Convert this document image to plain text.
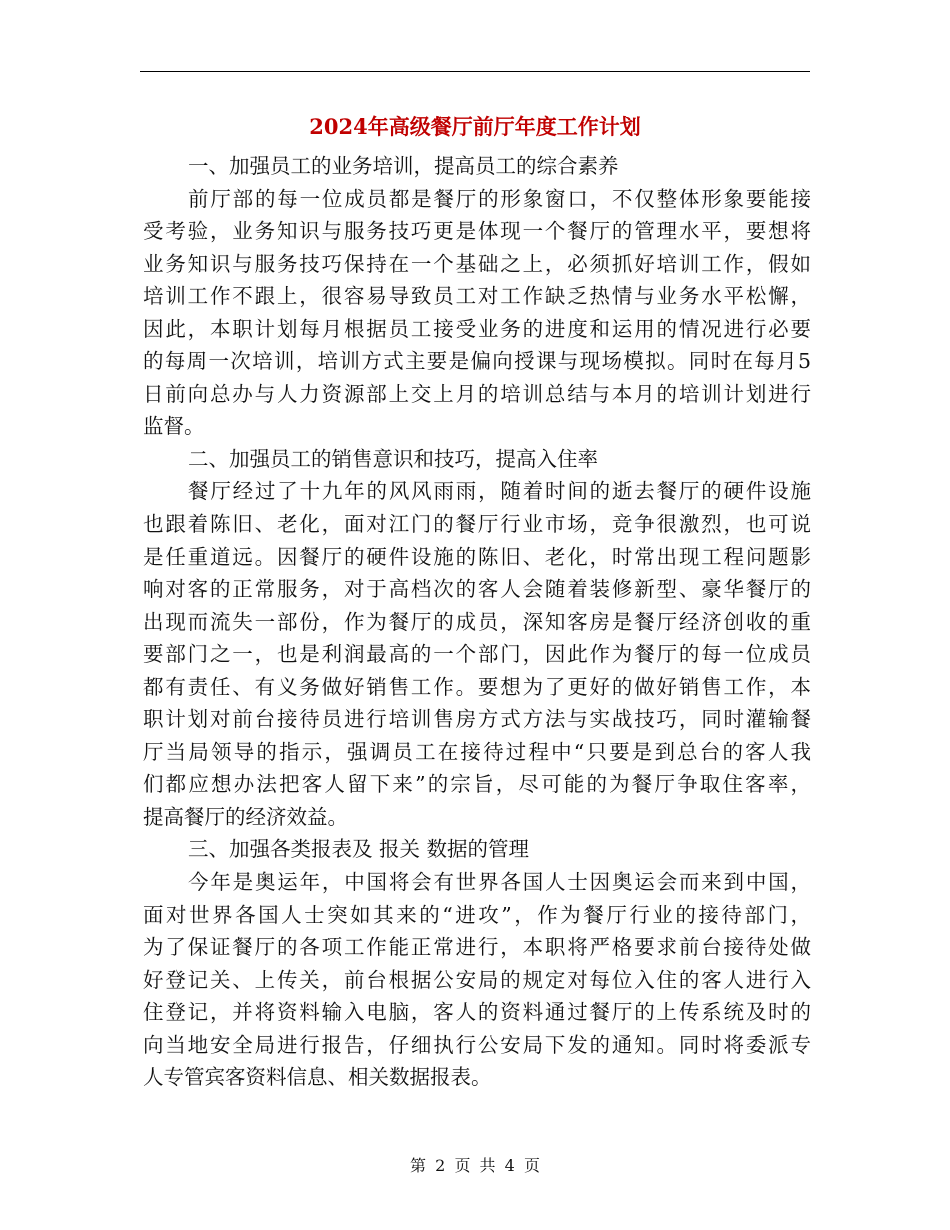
2024年高级餐厅前厅年度工作计划
一、加强员工的业务培训，提高员工的综合素养
前厅部的每一位成员都是餐厅的形象窗口，不仅整体形象要能接
受考验，业务知识与服务技巧更是体现一个餐厅的管理水平，要想将
业务知识与服务技巧保持在一个基础之上，必须抓好培训工作，假如
培训工作不跟上，很容易导致员工对工作缺乏热情与业务水平松懈，
因此，本职计划每月根据员工接受业务的进度和运用的情况进行必要
的每周一次培训，培训方式主要是偏向授课与现场模拟。同时在每月5
日前向总办与人力资源部上交上月的培训总结与本月的培训计划进行
监督。
二、加强员工的销售意识和技巧，提高入住率
餐厅经过了十九年的风风雨雨，随着时间的逝去餐厅的硬件设施
也跟着陈旧、老化，面对江门的餐厅行业市场，竞争很激烈，也可说
是任重道远。因餐厅的硬件设施的陈旧、老化，时常出现工程问题影
响对客的正常服务，对于高档次的客人会随着装修新型、豪华餐厅的
出现而流失一部份，作为餐厅的成员，深知客房是餐厅经济创收的重
要部门之一，也是利润最高的一个部门，因此作为餐厅的每一位成员
都有责任、有义务做好销售工作。要想为了更好的做好销售工作，本
职计划对前台接待员进行培训售房方式方法与实战技巧，同时灌输餐
厅当局领导的指示，强调员工在接待过程中“只要是到总台的客人我
们都应想办法把客人留下来”的宗旨，尽可能的为餐厅争取住客率，
提高餐厅的经济效益。
三、加强各类报表及 报关 数据的管理
今年是奥运年，中国将会有世界各国人士因奥运会而来到中国，
面对世界各国人士突如其来的“进攻”，作为餐厅行业的接待部门，
为了保证餐厅的各项工作能正常进行，本职将严格要求前台接待处做
好登记关、上传关，前台根据公安局的规定对每位入住的客人进行入
住登记，并将资料输入电脑，客人的资料通过餐厅的上传系统及时的
向当地安全局进行报告，仔细执行公安局下发的通知。同时将委派专
人专管宾客资料信息、相关数据报表。
第 2 页 共 4 页
